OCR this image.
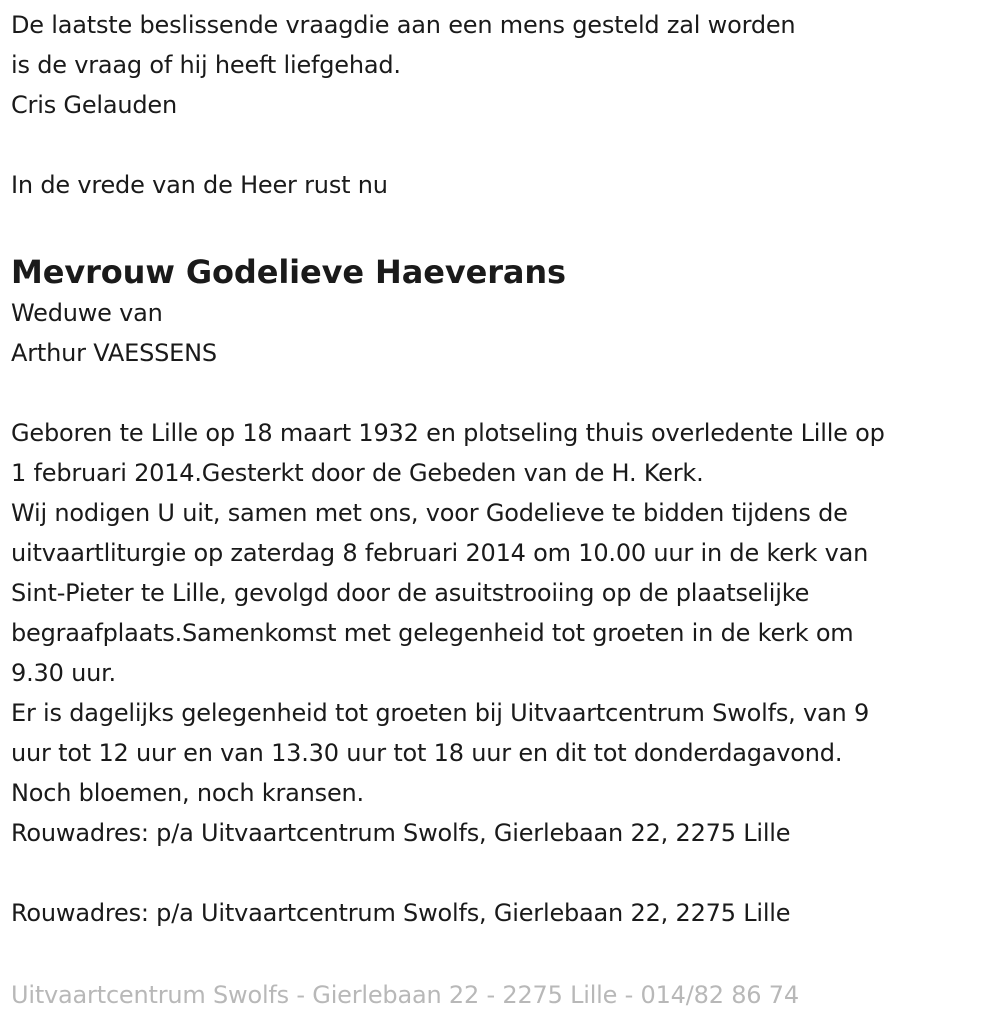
De laatste beslissende vraagdie aan een mens gesteld zal worden
is de vraag of hij heeft liefgehad.
Cris Gelauden
In de vrede van de Heer rust nu
Mevrouw Godelieve Haeverans
Weduwe van
Arthur VAESSENS
Geboren te Lille op 18 maart 1932 en plotseling thuis overledente Lille op
1 februari 2014.Gesterkt door de Gebeden van de H. Kerk.
Wij nodigen U uit, samen met ons, voor Godelieve te bidden tijdens de
uitvaartliturgie op zaterdag 8 februari 2014 om 10.00 uur in de kerk van
Sint-Pieter te Lille, gevolgd door de asuitstrooiing op de plaatselijke
begraafplaats.Samenkomst met gelegenheid tot groeten in de kerk om
9.30 uur.
Er is dagelijks gelegenheid tot groeten bij Uitvaartcentrum Swolfs, van 9
uur tot 12 uur en van 13.30 uur tot 18 uur en dit tot donderdagavond.
Noch bloemen, noch kransen.
Rouwadres: p/a Uitvaartcentrum Swolfs, Gierlebaan 22, 2275 Lille
Rouwadres: p/a Uitvaartcentrum Swolfs, Gierlebaan 22, 2275 Lille
Uitvaartcentrum Swolfs - Gierlebaan 22 - 2275 Lille - 014/82 86 74
